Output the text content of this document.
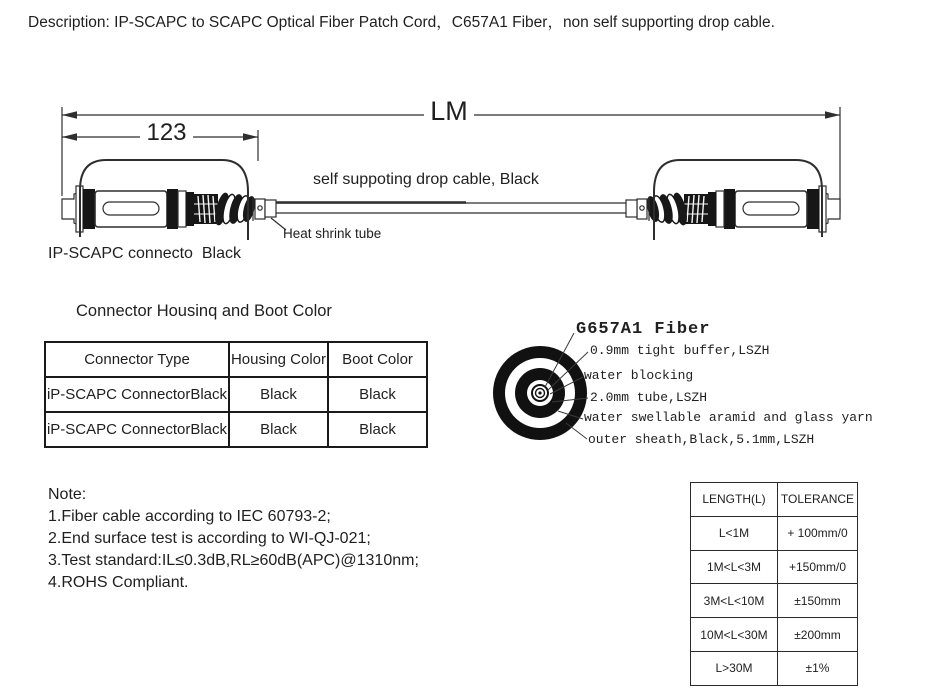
Description: IP-SCAPC to SCAPC Optical Fiber Patch Cord，C657A1 Fiber，non self supporting drop cable.
LM
123
self suppoting drop cable, Black
Heat shrink tube
IP-SCAPC connecto  Black
Connector Housinq and Boot Color
Connector Type	Housing Color	Boot Color
iP-SCAPC ConnectorBlack	Black	Black
iP-SCAPC ConnectorBlack	Black	Black
G657A1 Fiber
0.9mm tight buffer,LSZH
water blocking
2.0mm tube,LSZH
water swellable aramid and glass yarn
outer sheath,Black,5.1mm,LSZH
Note:
1.Fiber cable according to IEC 60793-2;
2.End surface test is according to WI-QJ-021;
3.Test standard:IL≤0.3dB,RL≥60dB(APC)@1310nm;
4.ROHS Compliant.
LENGTH(L)	TOLERANCE
L<1M	+ 100mm/0
1M<L<3M	+150mm/0
3M<L<10M	±150mm
10M<L<30M	±200mm
L>30M	±1%
